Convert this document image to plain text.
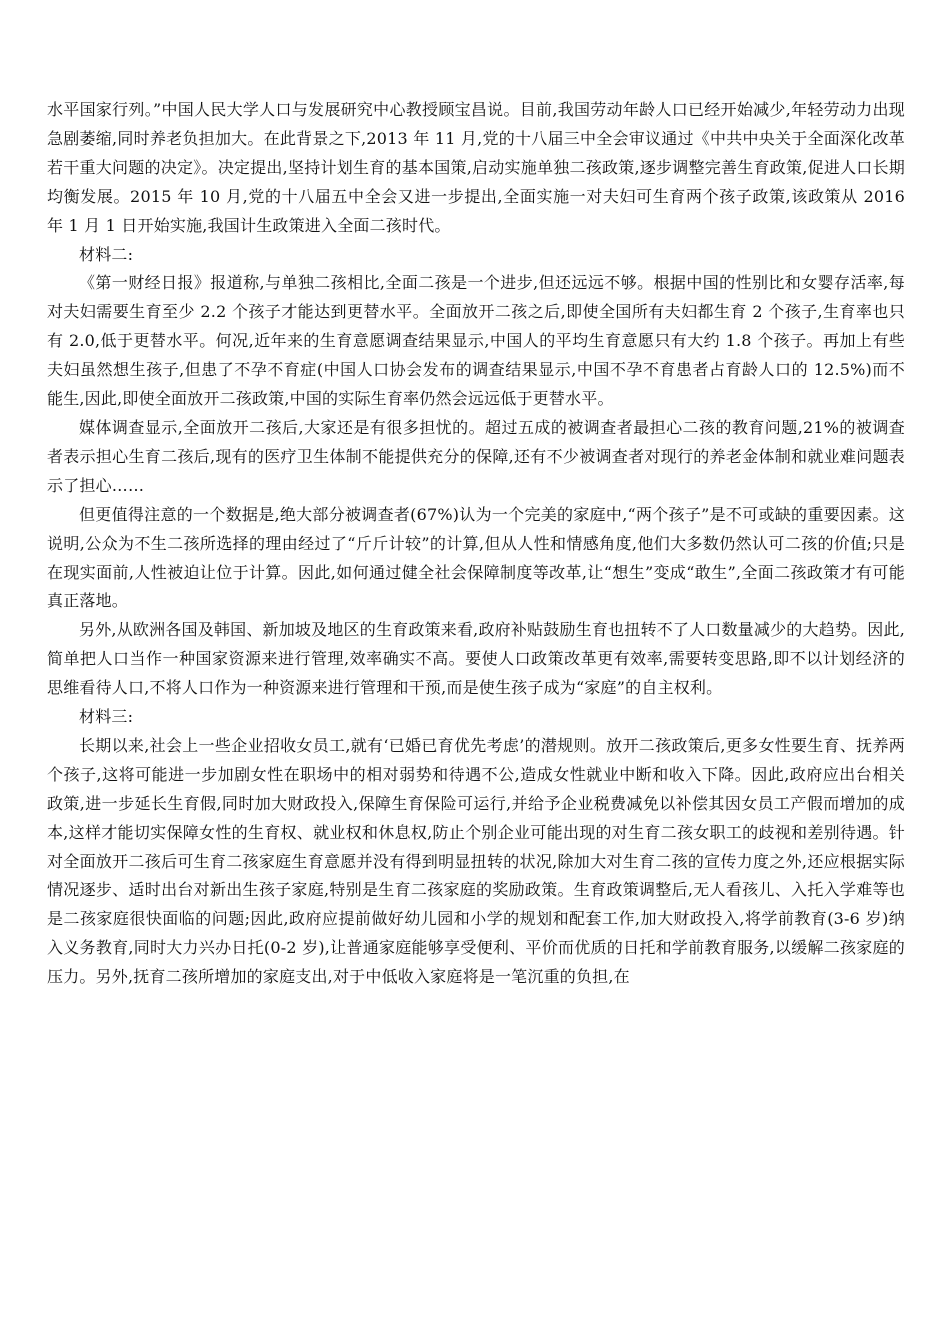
水平国家行列。”中国人民大学人口与发展研究中心教授顾宝昌说。目前,我国劳动年龄人口已经开始减少,年轻劳动力出现急剧萎缩,同时养老负担加大。在此背景之下,2013 年 11 月,党的十八届三中全会审议通过《中共中央关于全面深化改革若干重大问题的决定》。决定提出,坚持计划生育的基本国策,启动实施单独二孩政策,逐步调整完善生育政策,促进人口长期均衡发展。2015 年 10 月,党的十八届五中全会又进一步提出,全面实施一对夫妇可生育两个孩子政策,该政策从 2016 年 1 月 1 日开始实施,我国计生政策进入全面二孩时代。

材料二:

《第一财经日报》报道称,与单独二孩相比,全面二孩是一个进步,但还远远不够。根据中国的性别比和女婴存活率,每对夫妇需要生育至少 2.2 个孩子才能达到更替水平。全面放开二孩之后,即使全国所有夫妇都生育 2 个孩子,生育率也只有 2.0,低于更替水平。何况,近年来的生育意愿调查结果显示,中国人的平均生育意愿只有大约 1.8 个孩子。再加上有些夫妇虽然想生孩子,但患了不孕不育症(中国人口协会发布的调查结果显示,中国不孕不育患者占育龄人口的 12.5%)而不能生,因此,即使全面放开二孩政策,中国的实际生育率仍然会远远低于更替水平。

媒体调查显示,全面放开二孩后,大家还是有很多担忧的。超过五成的被调查者最担心二孩的教育问题,21%的被调查者表示担心生育二孩后,现有的医疗卫生体制不能提供充分的保障,还有不少被调查者对现行的养老金体制和就业难问题表示了担心……

但更值得注意的一个数据是,绝大部分被调查者(67%)认为一个完美的家庭中,“两个孩子”是不可或缺的重要因素。这说明,公众为不生二孩所选择的理由经过了“斤斤计较”的计算,但从人性和情感角度,他们大多数仍然认可二孩的价值;只是在现实面前,人性被迫让位于计算。因此,如何通过健全社会保障制度等改革,让“想生”变成“敢生”,全面二孩政策才有可能真正落地。

另外,从欧洲各国及韩国、新加坡及地区的生育政策来看,政府补贴鼓励生育也扭转不了人口数量减少的大趋势。因此,简单把人口当作一种国家资源来进行管理,效率确实不高。要使人口政策改革更有效率,需要转变思路,即不以计划经济的思维看待人口,不将人口作为一种资源来进行管理和干预,而是使生孩子成为“家庭”的自主权利。

材料三:

长期以来,社会上一些企业招收女员工,就有‘已婚已育优先考虑’的潜规则。放开二孩政策后,更多女性要生育、抚养两个孩子,这将可能进一步加剧女性在职场中的相对弱势和待遇不公,造成女性就业中断和收入下降。因此,政府应出台相关政策,进一步延长生育假,同时加大财政投入,保障生育保险可运行,并给予企业税费减免以补偿其因女员工产假而增加的成本,这样才能切实保障女性的生育权、就业权和休息权,防止个别企业可能出现的对生育二孩女职工的歧视和差别待遇。针对全面放开二孩后可生育二孩家庭生育意愿并没有得到明显扭转的状况,除加大对生育二孩的宣传力度之外,还应根据实际情况逐步、适时出台对新出生孩子家庭,特别是生育二孩家庭的奖励政策。生育政策调整后,无人看孩儿、入托入学难等也是二孩家庭很快面临的问题;因此,政府应提前做好幼儿园和小学的规划和配套工作,加大财政投入,将学前教育(3-6 岁)纳入义务教育,同时大力兴办日托(0-2 岁),让普通家庭能够享受便利、平价而优质的日托和学前教育服务,以缓解二孩家庭的压力。另外,抚育二孩所增加的家庭支出,对于中低收入家庭将是一笔沉重的负担,在
